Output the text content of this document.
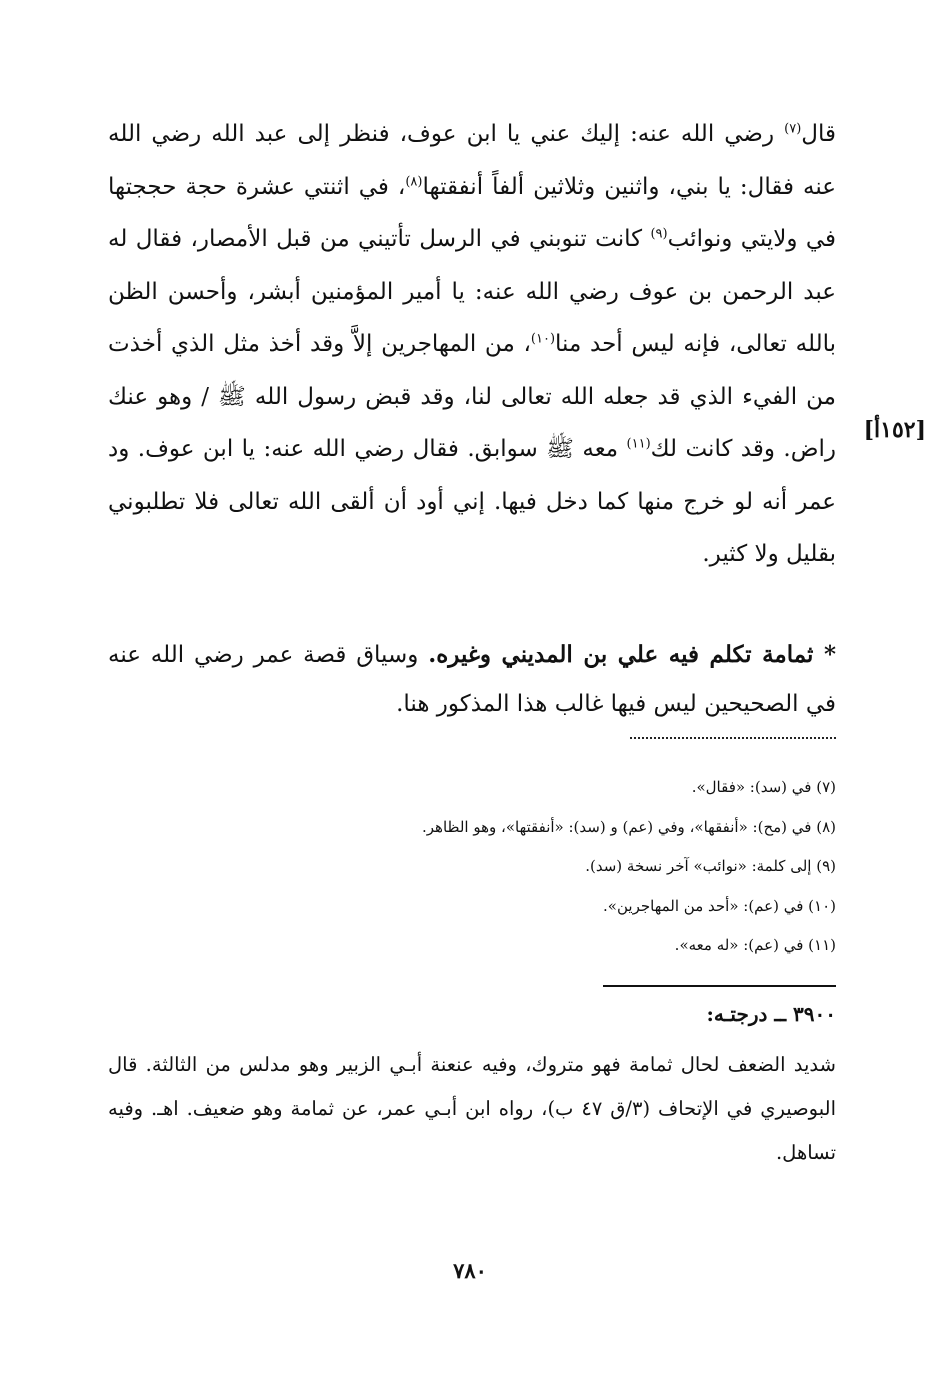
قال$^{(٧)}$ رضي الله عنه: إليك عني يا ابن عوف، فنظر إلى عبد الله رضي الله عنه فقال: يا بني، واثنين وثلاثين ألفاً أنفقتها$^{(٨)}$، في اثنتي عشرة حجة حججتها في ولايتي ونوائب$^{(٩)}$ كانت تنوبني في الرسل تأتيني من قبل الأمصار، فقال له عبد الرحمن بن عوف رضي الله عنه: يا أمير المؤمنين أبشر، وأحسن الظن بالله تعالى، فإنه ليس أحد منا$^{(١٠)}$، من المهاجرين إلاَّ وقد أخذ مثل الذي أخذت من الفيء الذي قد جعله الله تعالى لنا، وقد قبض رسول الله ﷺ / وهو عنك راض. وقد كانت لك$^{(١١)}$ معه ﷺ سوابق. فقال رضي الله عنه: يا ابن عوف. ود عمر أنه لو خرج منها كما دخل فيها. إني أود أن ألقى الله تعالى فلا تطلبوني بقليل ولا كثير.

[١٥٢أ]
* ثمامة تكلم فيه علي بن المديني وغيره. وسياق قصة عمر رضي الله عنه في الصحيحين ليس فيها غالب هذا المذكور هنا.
(٧) في (سد): «فقال».
(٨) في (مح): «أنفقها»، وفي (عم) و (سد): «أنفقتها»، وهو الظاهر.
(٩) إلى كلمة: «نوائب» آخر نسخة (سد).
(١٠) في (عم): «أحد من المهاجرين».
(١١) في (عم): «له معه».
٣٩٠٠ ــ درجتـه:
شديد الضعف لحال ثمامة فهو متروك، وفيه عنعنة أبـي الزبير وهو مدلس من الثالثة. قال البوصيري في الإتحاف (٣/ق ٤٧ ب)، رواه ابن أبـي عمر، عن ثمامة وهو ضعيف. اهـ. وفيه تساهل.
٧٨٠
